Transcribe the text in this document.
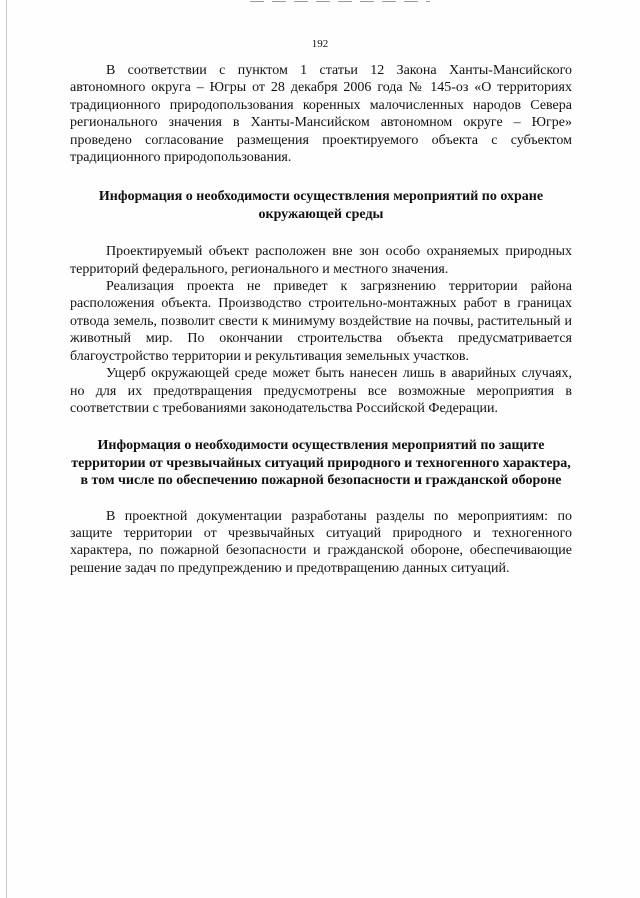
192

В соответствии с пунктом 1 статьи 12 Закона Ханты-Мансийского автономного округа – Югры от 28 декабря 2006 года № 145-оз «О территориях традиционного природопользования коренных малочисленных народов Севера регионального значения в Ханты-Мансийском автономном округе – Югре» проведено согласование размещения проектируемого объекта с субъектом традиционного природопользования.

Информация о необходимости осуществления мероприятий по охране окружающей среды

Проектируемый объект расположен вне зон особо охраняемых природных территорий федерального, регионального и местного значения.

Реализация проекта не приведет к загрязнению территории района расположения объекта. Производство строительно-монтажных работ в границах отвода земель, позволит свести к минимуму воздействие на почвы, растительный и животный мир. По окончании строительства объекта предусматривается благоустройство территории и рекультивация земельных участков.

Ущерб окружающей среде может быть нанесен лишь в аварийных случаях, но для их предотвращения предусмотрены все возможные мероприятия в соответствии с требованиями законодательства Российской Федерации.

Информация о необходимости осуществления мероприятий по защите территории от чрезвычайных ситуаций природного и техногенного характера, в том числе по обеспечению пожарной безопасности и гражданской обороне

В проектной документации разработаны разделы по мероприятиям: по защите территории от чрезвычайных ситуаций природного и техногенного характера, по пожарной безопасности и гражданской обороне, обеспечивающие решение задач по предупреждению и предотвращению данных ситуаций.
